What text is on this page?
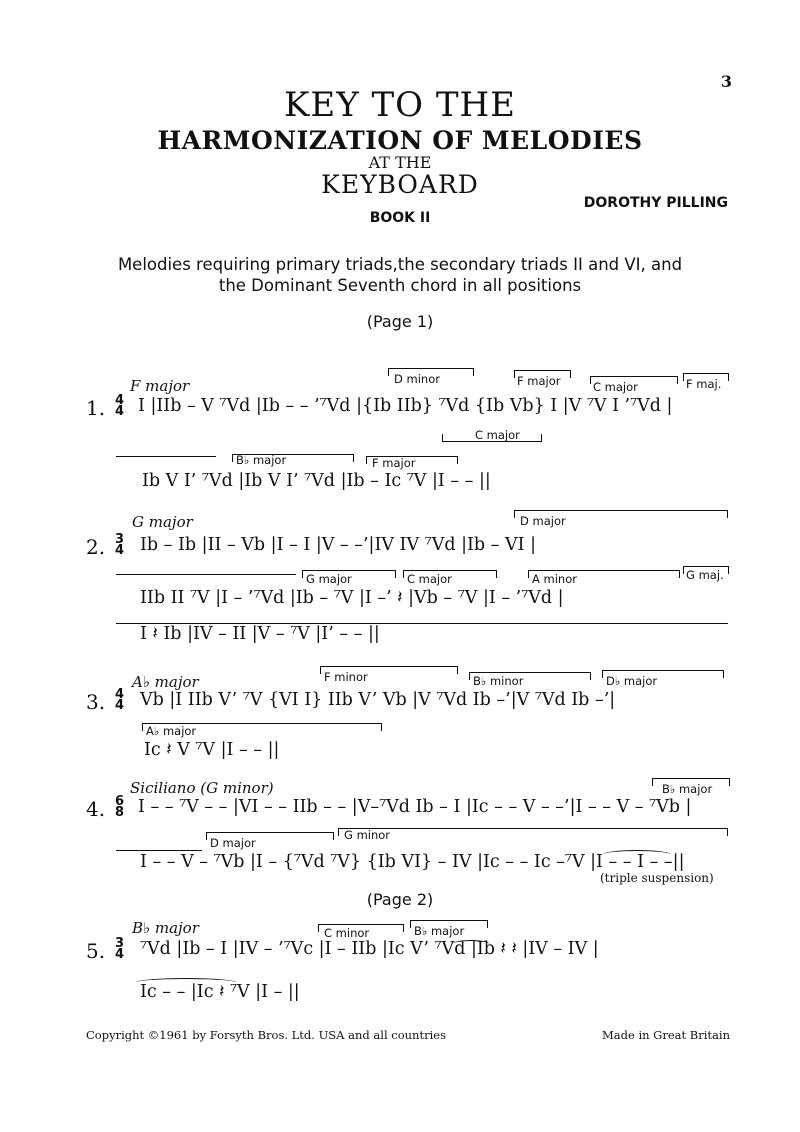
3
KEY TO THE
HARMONIZATION OF MELODIES
AT THE
KEYBOARD
DOROTHY PILLING
BOOK II
Melodies requiring primary triads,the secondary triads II and VI, and
the Dominant Seventh chord in all positions
(Page 1)
F major
1. 4
4
D minor	F major	C major	F maj.
I |IIb – V ⁷Vd |Ib – – ’⁷Vd |{Ib IIb} ⁷Vd {Ib Vb} I |V ⁷V I ’⁷Vd |
C major
B♭ major	F major
Ib V I’ ⁷Vd |Ib V I’ ⁷Vd |Ib – Ic ⁷V |I – – ||
G major
2. 3
4
D major
Ib – Ib |II – Vb |I – I |V – –’|IV IV ⁷Vd |Ib – VI |
G major	C major	A minor	G maj.
IIb II ⁷V |I – ’⁷Vd |Ib – ⁷V |I –’ 𝄽 |Vb – ⁷V |I – ’⁷Vd |
I 𝄽 Ib |IV – II |V – ⁷V |I’ – – ||
A♭ major
3. 4
4
F minor	B♭ minor	D♭ major
Vb |I IIb V’ ⁷V {VI I} IIb V’ Vb |V ⁷Vd Ib –’|V ⁷Vd Ib –’|
A♭ major
Ic 𝄽 V ⁷V |I – – ||
Siciliano (G minor)
4. 6
8
B♭ major
I – – ⁷V – – |VI – – IIb – – |V–⁷Vd Ib – I |Ic – – V – –’|I – – V – ⁷Vb |
D major
G minor
I – – V – ⁷Vb |I – {⁷Vd ⁷V} {Ib VI} – IV |Ic – – Ic –⁷V |I – – I – –||
(triple suspension)
(Page 2)
B♭ major
5. 3
4
C minor	B♭ major
⁷Vd |Ib – I |IV – ’⁷Vc |I – IIb |Ic V’ ⁷Vd |Ib 𝄽 𝄽 |IV – IV |
Ic – – |Ic 𝄽 ⁷V |I – ||
Copyright ©1961 by Forsyth Bros. Ltd. USA and all countries	Made in Great Britain
